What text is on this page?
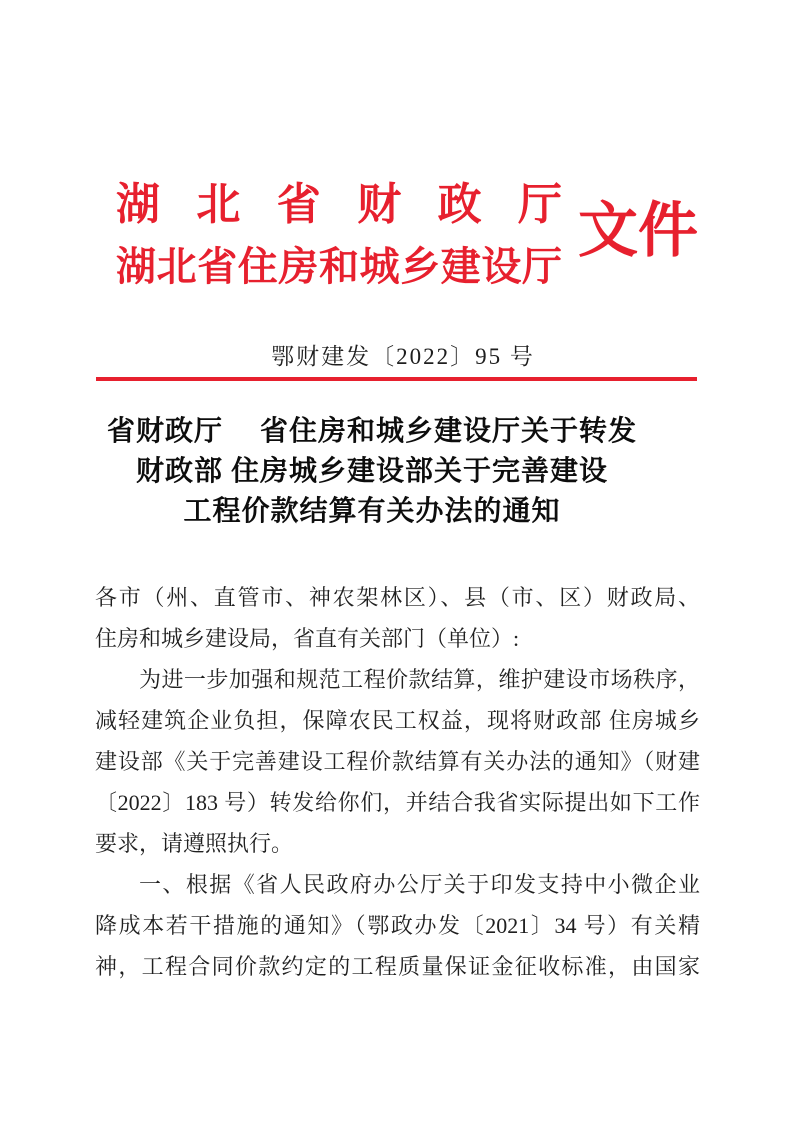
湖北省财政厅
湖北省住房和城乡建设厅
文件
鄂财建发〔2022〕95 号
省财政厅　 省住房和城乡建设厅关于转发
财政部 住房城乡建设部关于完善建设
工程价款结算有关办法的通知
各市（州、直管市、神农架林区）、县（市、区）财政局、
住房和城乡建设局，省直有关部门（单位）:
为进一步加强和规范工程价款结算，维护建设市场秩序，
减轻建筑企业负担，保障农民工权益，现将财政部 住房城乡
建设部《关于完善建设工程价款结算有关办法的通知》（财建
〔2022〕183 号）转发给你们，并结合我省实际提出如下工作
要求，请遵照执行。
一、根据《省人民政府办公厅关于印发支持中小微企业
降成本若干措施的通知》（鄂政办发〔2021〕34 号）有关精
神，工程合同价款约定的工程质量保证金征收标准，由国家
